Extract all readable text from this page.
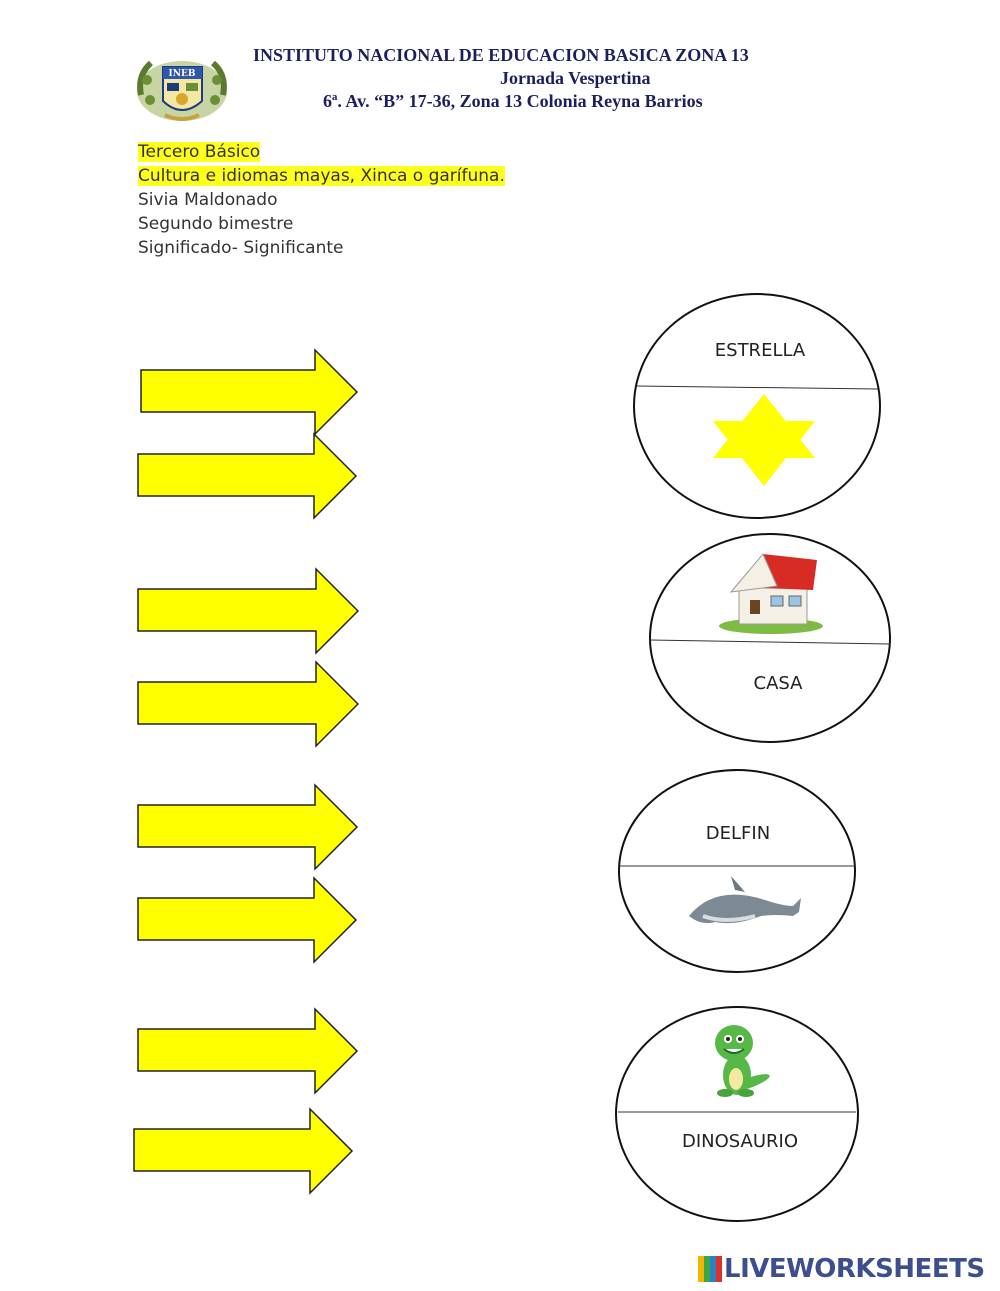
INEB
INSTITUTO NACIONAL DE EDUCACION BASICA ZONA 13
Jornada Vespertina
6ª. Av. “B” 17-36, Zona 13 Colonia Reyna Barrios
Tercero Básico
Cultura e idiomas mayas, Xinca o garífuna.
Sivia Maldonado
Segundo bimestre
Significado- Significante
ESTRELLA
CASA
DELFIN
DINOSAURIO
LIVEWORKSHEETS
